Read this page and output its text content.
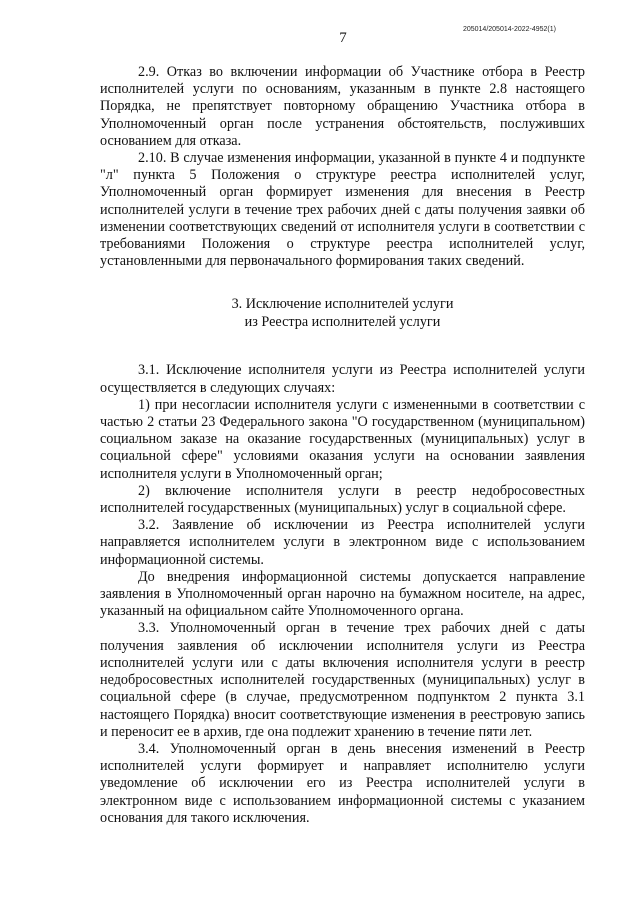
7
205014/205014-2022-4952(1)

2.9. Отказ во включении информации об Участнике отбора в Реестр исполнителей услуги по основаниям, указанным в пункте 2.8 настоящего Порядка, не препятствует повторному обращению Участника отбора в Уполномоченный орган после устранения обстоятельств, послуживших основанием для отказа.

2.10. В случае изменения информации, указанной в пункте 4 и подпункте "л" пункта 5 Положения о структуре реестра исполнителей услуг, Уполномоченный орган формирует изменения для внесения в Реестр исполнителей услуги в течение трех рабочих дней с даты получения заявки об изменении соответствующих сведений от исполнителя услуги в соответствии с требованиями Положения о структуре реестра исполнителей услуг, установленными для первоначального формирования таких сведений.

3. Исключение исполнителей услуги
из Реестра исполнителей услуги

3.1. Исключение исполнителя услуги из Реестра исполнителей услуги осуществляется в следующих случаях:

1) при несогласии исполнителя услуги с измененными в соответствии с частью 2 статьи 23 Федерального закона "О государственном (муниципальном) социальном заказе на оказание государственных (муниципальных) услуг в социальной сфере" условиями оказания услуги на основании заявления исполнителя услуги в Уполномоченный орган;

2) включение исполнителя услуги в реестр недобросовестных исполнителей государственных (муниципальных) услуг в социальной сфере.

3.2. Заявление об исключении из Реестра исполнителей услуги направляется исполнителем услуги в электронном виде с использованием информационной системы.

До внедрения информационной системы допускается направление заявления в Уполномоченный орган нарочно на бумажном носителе, на адрес, указанный на официальном сайте Уполномоченного органа.

3.3. Уполномоченный орган в течение трех рабочих дней с даты получения заявления об исключении исполнителя услуги из Реестра исполнителей услуги или с даты включения исполнителя услуги в реестр недобросовестных исполнителей государственных (муниципальных) услуг в социальной сфере (в случае, предусмотренном подпунктом 2 пункта 3.1 настоящего Порядка) вносит соответствующие изменения в реестровую запись и переносит ее в архив, где она подлежит хранению в течение пяти лет.

3.4. Уполномоченный орган в день внесения изменений в Реестр исполнителей услуги формирует и направляет исполнителю услуги уведомление об исключении его из Реестра исполнителей услуги в электронном виде с использованием информационной системы с указанием основания для такого исключения.
